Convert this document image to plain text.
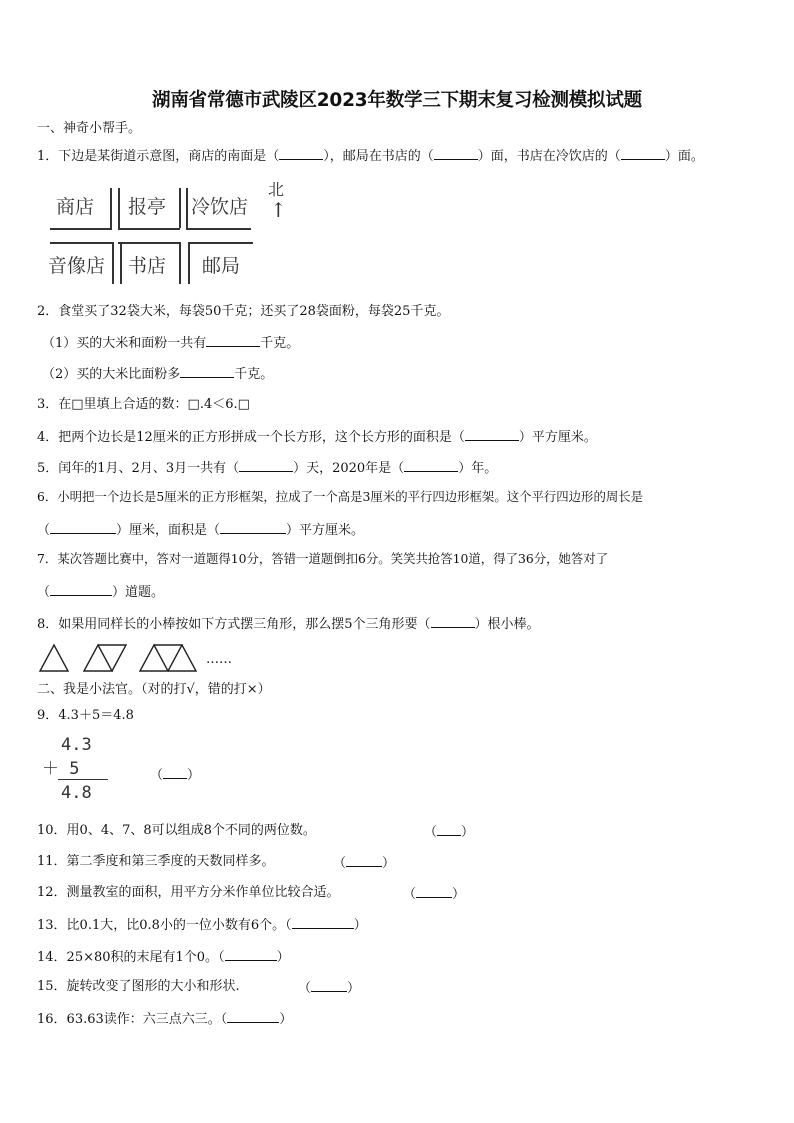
湖南省常德市武陵区2023年数学三下期末复习检测模拟试题
一、神奇小帮手。
1．下边是某街道示意图，商店的南面是（	），邮局在书店的（	）面，书店在冷饮店的（	）面。
商店 报亭 冷饮店
北
↑
音像店 书店 邮局
2．食堂买了32袋大米，每袋50千克；还买了28袋面粉，每袋25千克。
（1）买的大米和面粉一共有	千克。
（2）买的大米比面粉多	千克。
3．在□里填上合适的数：□.4＜6.□
4．把两个边长是12厘米的正方形拼成一个长方形，这个长方形的面积是（	）平方厘米。
5．闰年的1月、2月、3月一共有（	）天，2020年是（	）年。
6．小明把一个边长是5厘米的正方形框架，拉成了一个高是3厘米的平行四边形框架。这个平行四边形的周长是
（	）厘米，面积是（	）平方厘米。
7．某次答题比赛中，答对一道题得10分，答错一道题倒扣6分。笑笑共抢答10道，得了36分，她答对了
（	）道题。
8．如果用同样长的小棒按如下方式摆三角形，那么摆5个三角形要（	）根小棒。
……
二、我是小法官。（对的打√，错的打×）
9．4.3＋5＝4.8
4.3
＋ 5
4.8
（ ）
10．用0、4、7、8可以组成8个不同的两位数。	（ ）
11．第二季度和第三季度的天数同样多。	（	）
12．测量教室的面积，用平方分米作单位比较合适。	（	）
13．比0.1大，比0.8小的一位小数有6个。（	）
14．25×80积的末尾有1个0。（	）
15．旋转改变了图形的大小和形状.	（	）
16．63.63读作：六三点六三。（	）
